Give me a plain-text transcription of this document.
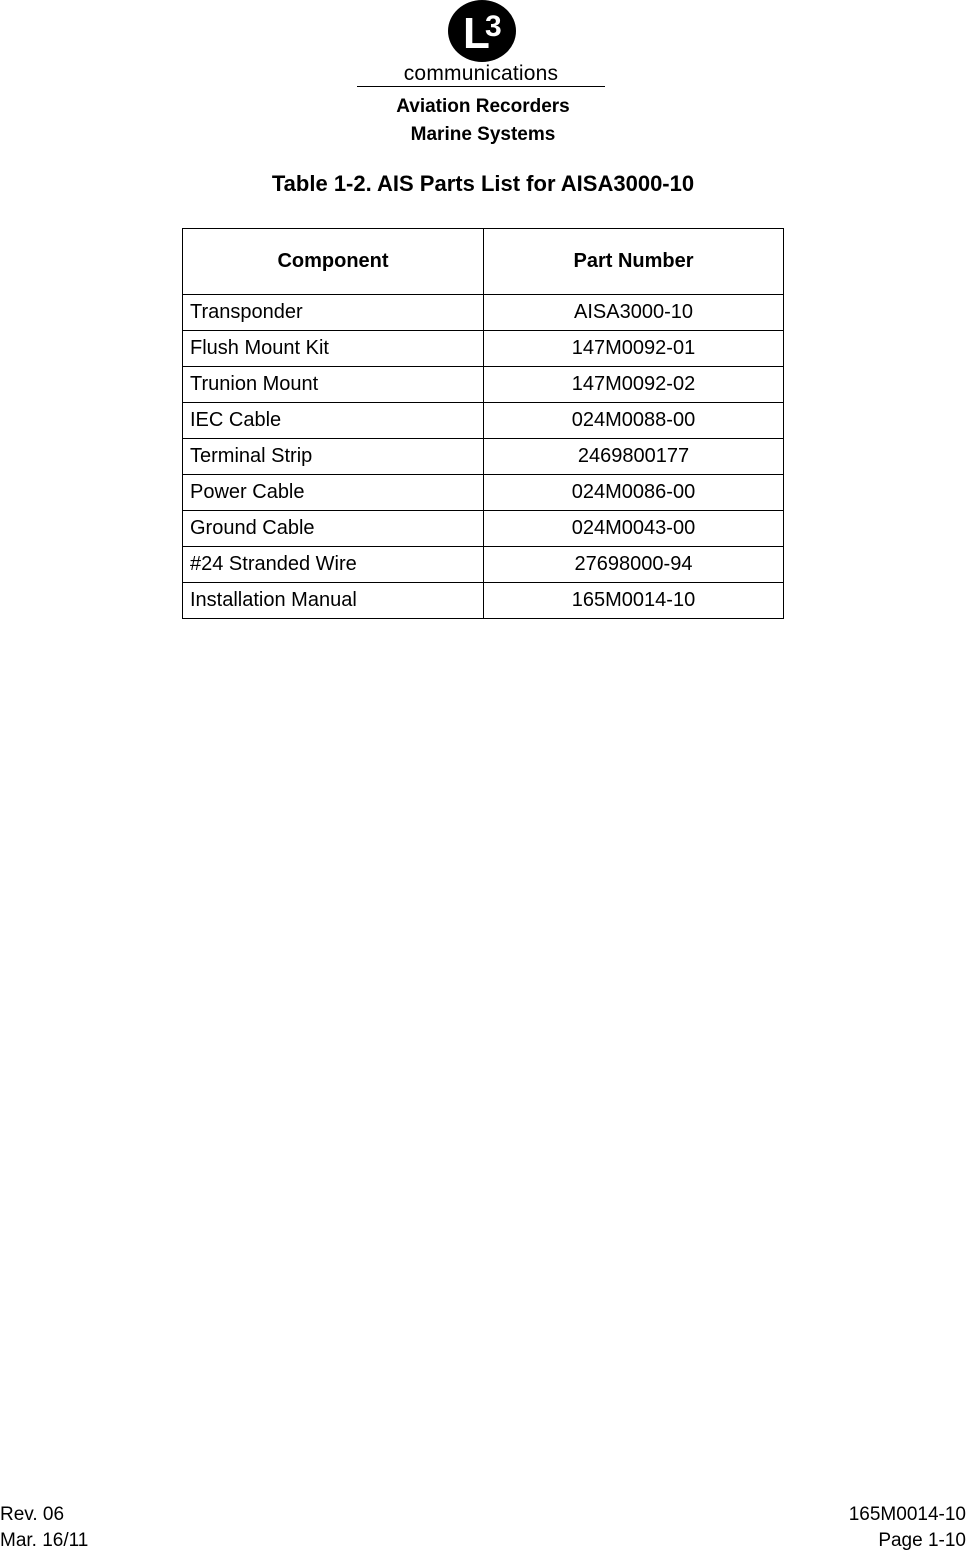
L
3
communications
Aviation Recorders
Marine Systems
Table 1-2. AIS Parts List for AISA3000-10
Component	Part Number
Transponder	AISA3000-10
Flush Mount Kit	147M0092-01
Trunion Mount	147M0092-02
IEC Cable	024M0088-00
Terminal Strip	2469800177
Power Cable	024M0086-00
Ground Cable	024M0043-00
#24 Stranded Wire	27698000-94
Installation Manual	165M0014-10
Rev. 06
Mar. 16/11
165M0014-10
Page 1-10
